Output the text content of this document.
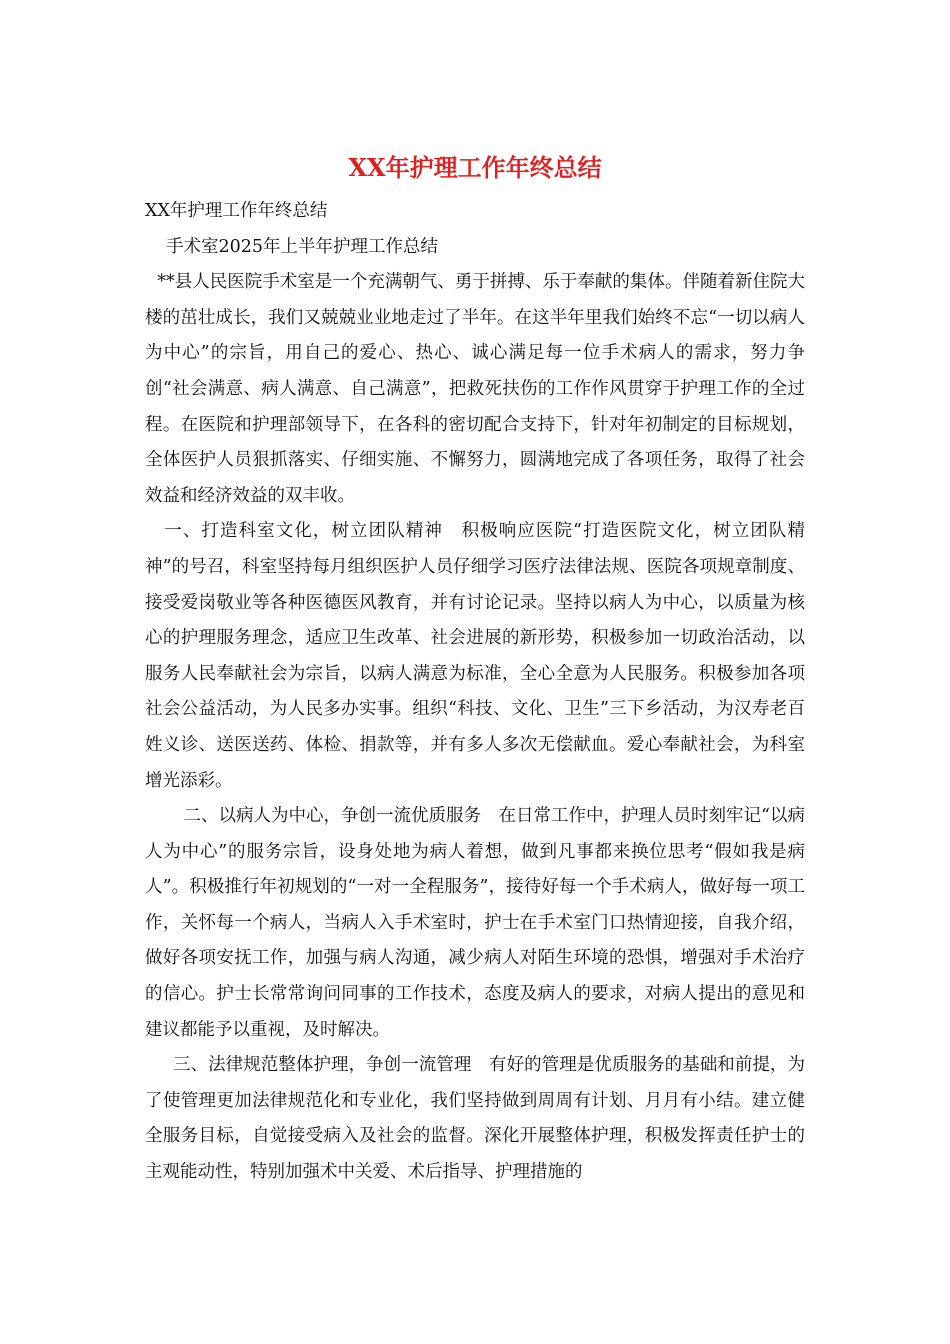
XX年护理工作年终总结

XX年护理工作年终总结

手术室2025年上半年护理工作总结

**县人民医院手术室是一个充满朝气、勇于拼搏、乐于奉献的集体。伴随着新住院大楼的茁壮成长，我们又兢兢业业地走过了半年。在这半年里我们始终不忘“一切以病人为中心”的宗旨，用自己的爱心、热心、诚心满足每一位手术病人的需求，努力争创“社会满意、病人满意、自己满意”，把救死扶伤的工作作风贯穿于护理工作的全过程。在医院和护理部领导下，在各科的密切配合支持下，针对年初制定的目标规划，全体医护人员狠抓落实、仔细实施、不懈努力，圆满地完成了各项任务，取得了社会效益和经济效益的双丰收。

一、打造科室文化，树立团队精神　积极响应医院“打造医院文化，树立团队精神”的号召，科室坚持每月组织医护人员仔细学习医疗法律法规、医院各项规章制度、接受爱岗敬业等各种医德医风教育，并有讨论记录。坚持以病人为中心，以质量为核心的护理服务理念，适应卫生改革、社会进展的新形势，积极参加一切政治活动，以服务人民奉献社会为宗旨，以病人满意为标准，全心全意为人民服务。积极参加各项社会公益活动，为人民多办实事。组织“科技、文化、卫生”三下乡活动，为汉寿老百姓义诊、送医送药、体检、捐款等，并有多人多次无偿献血。爱心奉献社会，为科室增光添彩。

二、以病人为中心，争创一流优质服务　在日常工作中，护理人员时刻牢记“以病人为中心”的服务宗旨，设身处地为病人着想，做到凡事都来换位思考“假如我是病人”。积极推行年初规划的“一对一全程服务”，接待好每一个手术病人，做好每一项工作，关怀每一个病人，当病人入手术室时，护士在手术室门口热情迎接，自我介绍，做好各项安抚工作，加强与病人沟通，减少病人对陌生环境的恐惧，增强对手术治疗的信心。护士长常常询问同事的工作技术，态度及病人的要求，对病人提出的意见和建议都能予以重视，及时解决。

三、法律规范整体护理，争创一流管理　有好的管理是优质服务的基础和前提，为了使管理更加法律规范化和专业化，我们坚持做到周周有计划、月月有小结。建立健全服务目标，自觉接受病入及社会的监督。深化开展整体护理，积极发挥责任护士的主观能动性，特别加强术中关爱、术后指导、护理措施的
